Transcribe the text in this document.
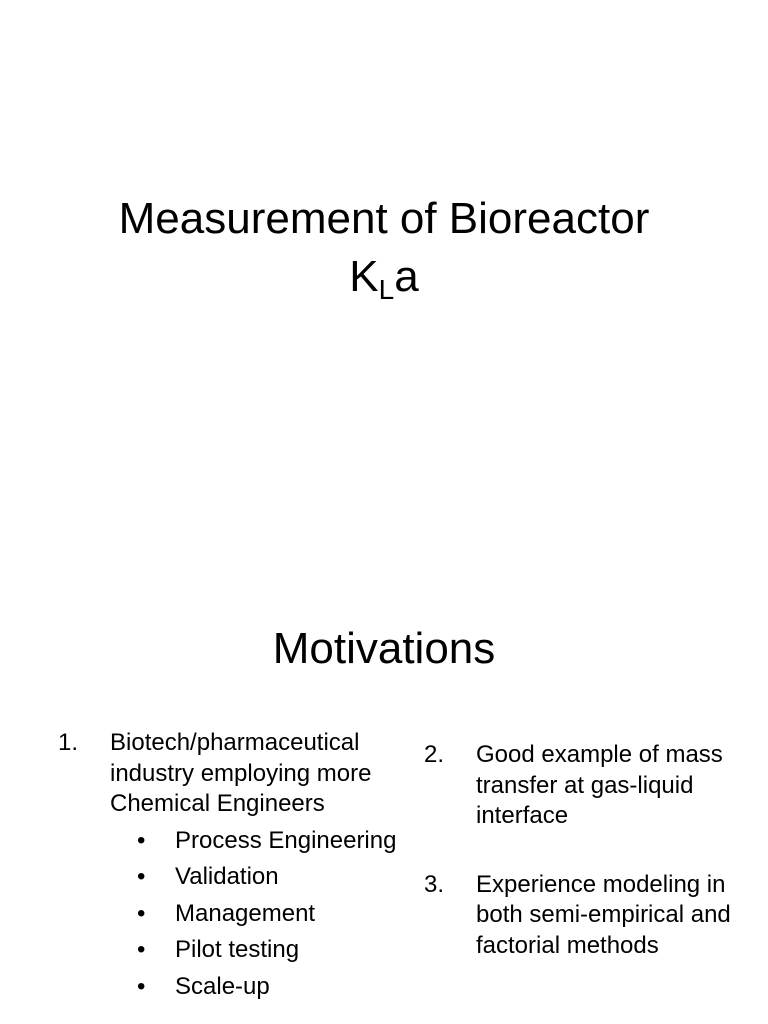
Measurement of Bioreactor
$K_La$
Motivations
1. Biotech/pharmaceutical industry employing more Chemical Engineers
• Process Engineering
• Validation
• Management
• Pilot testing
• Scale-up
2. Good example of mass transfer at gas-liquid interface
3. Experience modeling in both semi-empirical and factorial methods
